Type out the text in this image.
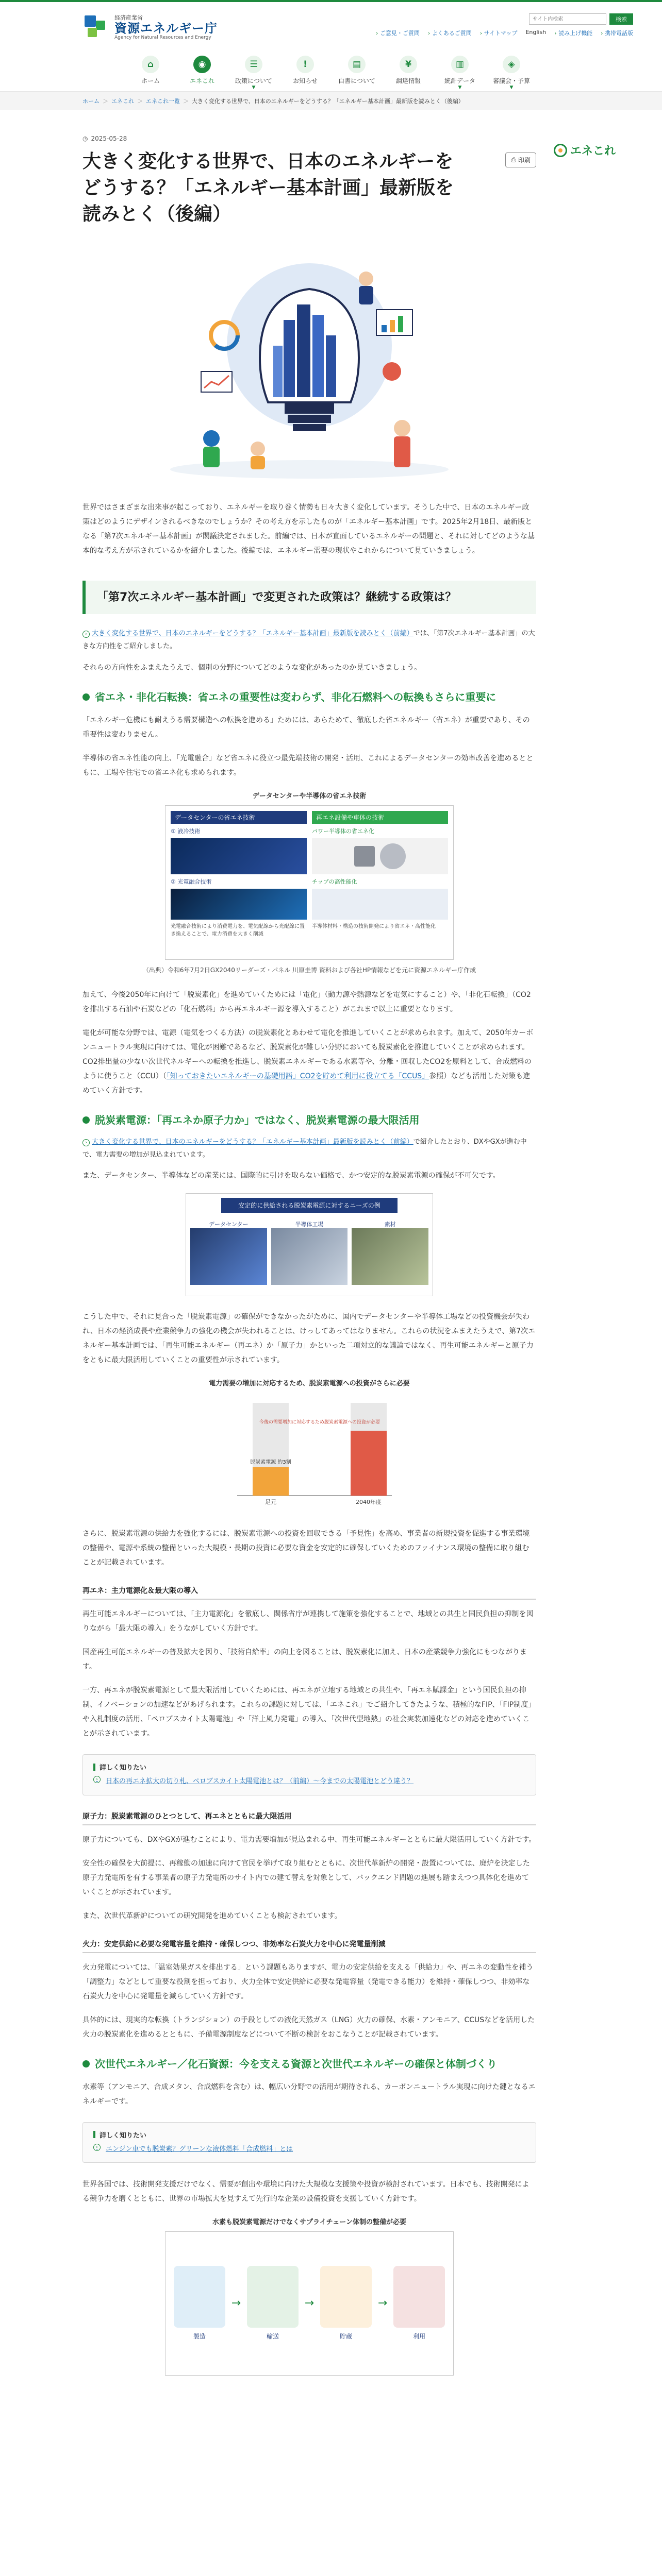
経済産業省
資源エネルギー庁
Agency for Natural Resources and Energy
サイト内検索
検索
› ご意見・ご質問	› よくあるご質問	› サイトマップ English	› 読み上げ機能	› 携帯電話版
⌂
ホーム
◉
エネこれ
☰
政策について
▼
!
お知らせ
▤
白書について
¥
調達情報
▥
統計データ
▼
◈
審議会・予算
▼
ホーム ＞ エネこれ ＞ エネこれ一覧 ＞ 大きく変化する世界で、日本のエネルギーをどうする？「エネルギー基本計画」最新版を読みとく（後編）
◷ 2025-05-28
大きく変化する世界で、日本のエネルギーをどうする？「エネルギー基本計画」最新版を読みとく（後編）
⎙ 印刷

世界ではさまざまな出来事が起こっており、エネルギーを取り巻く情勢も日々大きく変化しています。そうした中で、日本のエネルギー政策はどのようにデザインされるべきなのでしょうか？その考え方を示したものが「エネルギー基本計画」です。2025年2月18日、最新版となる「第7次エネルギー基本計画」が閣議決定されました。前編では、日本が直面しているエネルギーの問題と、それに対してどのような基本的な考え方が示されているかを紹介しました。後編では、エネルギー需要の現状やこれからについて見ていきましょう。

「第7次エネルギー基本計画」で変更された政策は？継続する政策は？

› 大きく変化する世界で、日本のエネルギーをどうする？「エネルギー基本計画」最新版を読みとく（前編）では、「第7次エネルギー基本計画」の大きな方向性をご紹介しました。

それらの方向性をふまえたうえで、個別の分野についてどのような変化があったのか見ていきましょう。

省エネ・非化石転換：省エネの重要性は変わらず、非化石燃料への転換もさらに重要に

「エネルギー危機にも耐えうる需要構造への転換を進める」ためには、あらためて、徹底した省エネルギー（省エネ）が重要であり、その重要性は変わりません。

半導体の省エネ性能の向上、「光電融合」など省エネに役立つ最先端技術の開発・活用、これによるデータセンターの効率改善を進めるとともに、工場や住宅での省エネ化も求められます。

データセンターや半導体の省エネ技術
データセンターの省エネ技術
① 液冷技術
② 光電融合技術
光電融合技術により消費電力を、電気配線から光配線に置き換えることで、電力消費を大きく削減
再エネ設備や車体の技術
パワー半導体の省エネ化
チップの高性能化
半導体材料・構造の技術開発により省エネ・高性能化
（出典）令和6年7月2日GX2040リーダーズ・パネル 川原圭博 資料および各社HP情報などを元に資源エネルギー庁作成

加えて、今後2050年に向けて「脱炭素化」を進めていくためには「電化」（動力源や熱源などを電気にすること）や、「非化石転換」（CO2を排出する石油や石炭などの「化石燃料」から再エネルギー源を導入すること）がこれまで以上に重要となります。

電化が可能な分野では、電源（電気をつくる方法）の脱炭素化とあわせて電化を推進していくことが求められます。加えて、2050年カーボンニュートラル実現に向けては、電化が困難であるなど、脱炭素化が難しい分野においても脱炭素化を推進していくことが求められます。CO2排出量の少ない次世代ネルギーへの転換を推進し、脱炭素エネルギーである水素等や、分離・回収したCO2を原料として、合成燃料のように使うこと（CCU）（「知っておきたいエネルギーの基礎用語」CO2を貯めて利用に役立てる「CCUS」参照）なども活用した対策も進めていく方針です。

脱炭素電源：「再エネか原子力か」ではなく、脱炭素電源の最大限活用

› 大きく変化する世界で、日本のエネルギーをどうする？「エネルギー基本計画」最新版を読みとく（前編）で紹介したとおり、DXやGXが進む中で、電力需要の増加が見込まれています。

また、データセンター、半導体などの産業には、国際的に引けを取らない価格で、かつ安定的な脱炭素電源の確保が不可欠です。

安定的に供給される脱炭素電源に対するニーズの例
データセンター	半導体工場	素材

こうした中で、それに見合った「脱炭素電源」の確保ができなかったがために、国内でデータセンターや半導体工場などの投資機会が失われ、日本の経済成長や産業競争力の強化の機会が失われることは、けっしてあってはなりません。これらの状況をふまえたうえで、第7次エネルギー基本計画では、「再生可能エネルギー（再エネ）か「原子力」かといった二項対立的な議論ではなく、再生可能エネルギーと原子力をともに最大限活用していくことの重要性が示されています。

電力需要の増加に対応するため、脱炭素電源への投資がさらに必要
足元	2040年度
脱炭素電源 約3割
今後の需要増加に対応するため脱炭素電源への投資が必要

さらに、脱炭素電源の供給力を強化するには、脱炭素電源への投資を回収できる「予見性」を高め、事業者の新規投資を促進する事業環境の整備や、電源や系統の整備といった大規模・長期の投資に必要な資金を安定的に確保していくためのファイナンス環境の整備に取り組むことが記載されています。

再エネ：主力電源化＆最大限の導入

再生可能エネルギーについては、「主力電源化」を徹底し、関係省庁が連携して施策を強化することで、地域との共生と国民負担の抑制を図りながら「最大限の導入」をうながしていく方針です。

国産再生可能エネルギーの普及拡大を図り、「技術自給率」の向上を図ることは、脱炭素化に加え、日本の産業競争力強化にもつながります。

一方、再エネが脱炭素電源として最大限活用していくためには、再エネが立地する地域との共生や、「再エネ賦課金」という国民負担の抑制、イノベーションの加速などがあげられます。これらの課題に対しては、「エネこれ」でご紹介してきたような、積極的なFIP、「FIP制度」や入札制度の活用、「ペロブスカイト太陽電池」や「洋上風力発電」の導入、「次世代型地熱」の社会実装加速化などの対応を進めていくことが示されています。

詳しく知りたい
›	日本の再エネ拡大の切り札、ペロブスカイト太陽電池とは？（前編）〜今までの太陽電池とどう違う？
原子力：脱炭素電源のひとつとして、再エネとともに最大限活用

原子力についても、DXやGXが進むことにより、電力需要増加が見込まれる中、再生可能エネルギーとともに最大限活用していく方針です。

安全性の確保を大前提に、再稼働の加速に向けて官民を挙げて取り組むとともに、次世代革新炉の開発・設置については、廃炉を決定した原子力発電所を有する事業者の原子力発電所のサイト内での建て替えを対象として、バックエンド問題の進展も踏まえつつ具体化を進めていくことが示されています。

また、次世代革新炉についての研究開発を進めていくことも検討されています。

火力：安定供給に必要な発電容量を維持・確保しつつ、非効率な石炭火力を中心に発電量削減

火力発電については、「温室効果ガスを排出する」という課題もありますが、電力の安定供給を支える「供給力」や、再エネの変動性を補う「調整力」などとして重要な役割を担っており、火力全体で安定供給に必要な発電容量（発電できる能力）を維持・確保しつつ、非効率な石炭火力を中心に発電量を減らしていく方針です。

具体的には、現実的な転換（トランジション）の手段としての液化天然ガス（LNG）火力の確保、水素・アンモニア、CCUSなどを活用した火力の脱炭素化を進めるとともに、予備電源制度などについて不断の検討をおこなうことが記載されています。

次世代エネルギー／化石資源：今を支える資源と次世代エネルギーの確保と体制づくり

水素等（アンモニア、合成メタン、合成燃料を含む）は、幅広い分野での活用が期待される、カーボンニュートラル実現に向けた鍵となるエネルギーです。

詳しく知りたい
›	エンジン車でも脱炭素？グリーンな液体燃料「合成燃料」とは

世界各国では、技術開発支援だけでなく、需要が創出や環境に向けた大規模な支援策や投資が検討されています。日本でも、技術開発による競争力を磨くとともに、世界の市場拡大を見すえて先行的な企業の設備投資を支援していく方針です。

水素も脱炭素電源だけでなくサプライチェーン体制の整備が必要
製造
→
輸送
→
貯蔵
→
利用
エネこれ
